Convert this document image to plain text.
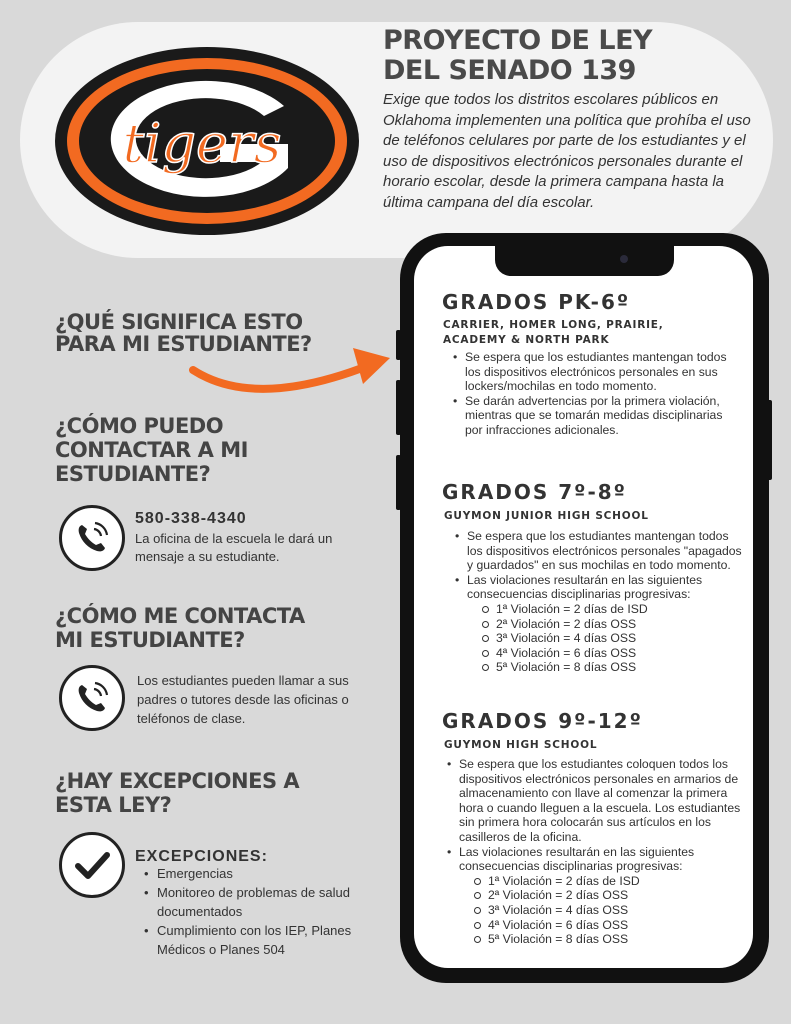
tigers
PROYECTO DE LEY
DEL SENADO 139

Exige que todos los distritos escolares públicos en Oklahoma implementen una política que prohíba el uso de teléfonos celulares por parte de los estudiantes y el uso de dispositivos electrónicos personales durante el horario escolar, desde la primera campana hasta la última campana del día escolar.

¿QUÉ SIGNIFICA ESTO
PARA MI ESTUDIANTE?
¿CÓMO PUEDO
CONTACTAR A MI
ESTUDIANTE?
580-338-4340

La oficina de la escuela le dará un mensaje a su estudiante.

¿CÓMO ME CONTACTA
MI ESTUDIANTE?

Los estudiantes pueden llamar a sus padres o tutores desde las oficinas o teléfonos de clase.

¿HAY EXCEPCIONES A
ESTA LEY?
EXCEPCIONES:
• Emergencias
• Monitoreo de problemas de salud documentados
• Cumplimiento con los IEP, Planes Médicos o Planes 504
GRADOS PK-6º
CARRIER, HOMER LONG, PRAIRIE,
ACADEMY & NORTH PARK
• Se espera que los estudiantes mantengan todos los dispositivos electrónicos personales en sus lockers/mochilas en todo momento.
• Se darán advertencias por la primera violación, mientras que se tomarán medidas disciplinarias por infracciones adicionales.
GRADOS 7º-8º
GUYMON JUNIOR HIGH SCHOOL
• Se espera que los estudiantes mantengan todos los dispositivos electrónicos personales "apagados y guardados" en sus mochilas en todo momento.
• Las violaciones resultarán en las siguientes consecuencias disciplinarias progresivas:
1ª Violación = 2 días de ISD
2ª Violación = 2 días OSS
3ª Violación = 4 días OSS
4ª Violación = 6 días OSS
5ª Violación = 8 días OSS
GRADOS 9º-12º
GUYMON HIGH SCHOOL
• Se espera que los estudiantes coloquen todos los dispositivos electrónicos personales en armarios de almacenamiento con llave al comenzar la primera hora o cuando lleguen a la escuela. Los estudiantes sin primera hora colocarán sus artículos en los casilleros de la oficina.
• Las violaciones resultarán en las siguientes consecuencias disciplinarias progresivas:
1ª Violación = 2 días de ISD
2ª Violación = 2 días OSS
3ª Violación = 4 días OSS
4ª Violación = 6 días OSS
5ª Violación = 8 días OSS
